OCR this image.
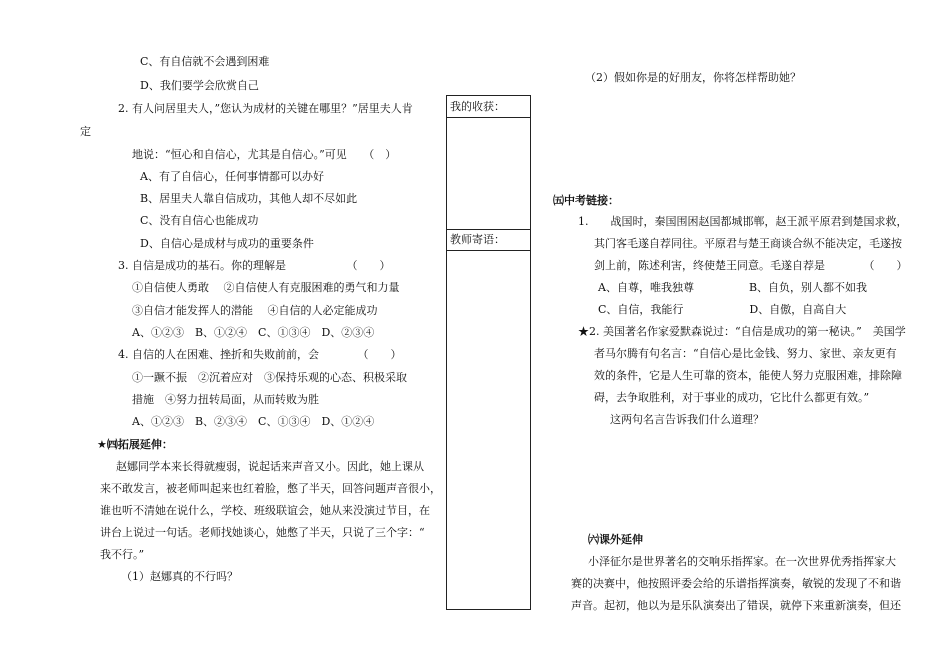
C、有自信就不会遇到困难
D、我们要学会欣赏自己
2. 有人问居里夫人，”您认为成材的关键在哪里？”居里夫人肯
定
地说：“恒心和自信心，尤其是自信心。”可见　　（　）
A、有了自信心，任何事情都可以办好
B、居里夫人靠自信成功，其他人却不尽如此
C、没有自信心也能成功
D、自信心是成材与成功的重要条件
3. 自信是成功的基石。你的理解是　　　　　　（　　）
①自信使人勇敢　 ②自信使人有克服困难的勇气和力量
③自信才能发挥人的潜能　 ④自信的人必定能成功
A、①②③　B、①②④　C、①③④　D、②③④
4. 自信的人在困难、挫折和失败前前，会　　　　（　　）
①一蹶不振　②沉着应对　③保持乐观的心态、积极采取
措施　④努力扭转局面，从而转败为胜
A、①②③　B、②③④　C、①③④　D、①②④
★㈣拓展延伸：
赵娜同学本来长得就瘦弱，说起话来声音又小。因此，她上课从
来不敢发言，被老师叫起来也红着脸，憋了半天，回答问题声音很小，
谁也听不清她在说什么，学校、班级联谊会，她从来没演过节目，在
讲台上说过一句话。老师找她谈心，她憋了半天，只说了三个字：“
我不行。”
（1）赵娜真的不行吗？
我的收获：
教师寄语：
（2）假如你是的好朋友，你将怎样帮助她？
㈤中考链接：
1.　　战国时，秦国围困赵国都城邯郸，赵王派平原君到楚国求救，
其门客毛遂自荐同往。平原君与楚王商谈合纵不能决定，毛遂按
剑上前，陈述利害，终使楚王同意。毛遂自荐是　　　　（　　）
A、自尊，唯我独尊　　　　　B、自负，别人都不如我
C、自信，我能行　　　　　　D、自傲，自高自大
★2. 美国著名作家爱默森说过：“自信是成功的第一秘诀。”　美国学
者马尔腾有句名言：“自信心是比金钱、努力、家世、亲友更有
效的条件，它是人生可靠的资本，能使人努力克服困难，排除障
碍，去争取胜利，对于事业的成功，它比什么都更有效。”
这两句名言告诉我们什么道理？
㈥课外延伸
小泽征尔是世界著名的交响乐指挥家。在一次世界优秀指挥家大
赛的决赛中，他按照评委会给的乐谱指挥演奏，敏锐的发现了不和谐
声音。起初，他以为是乐队演奏出了错误，就停下来重新演奏，但还
